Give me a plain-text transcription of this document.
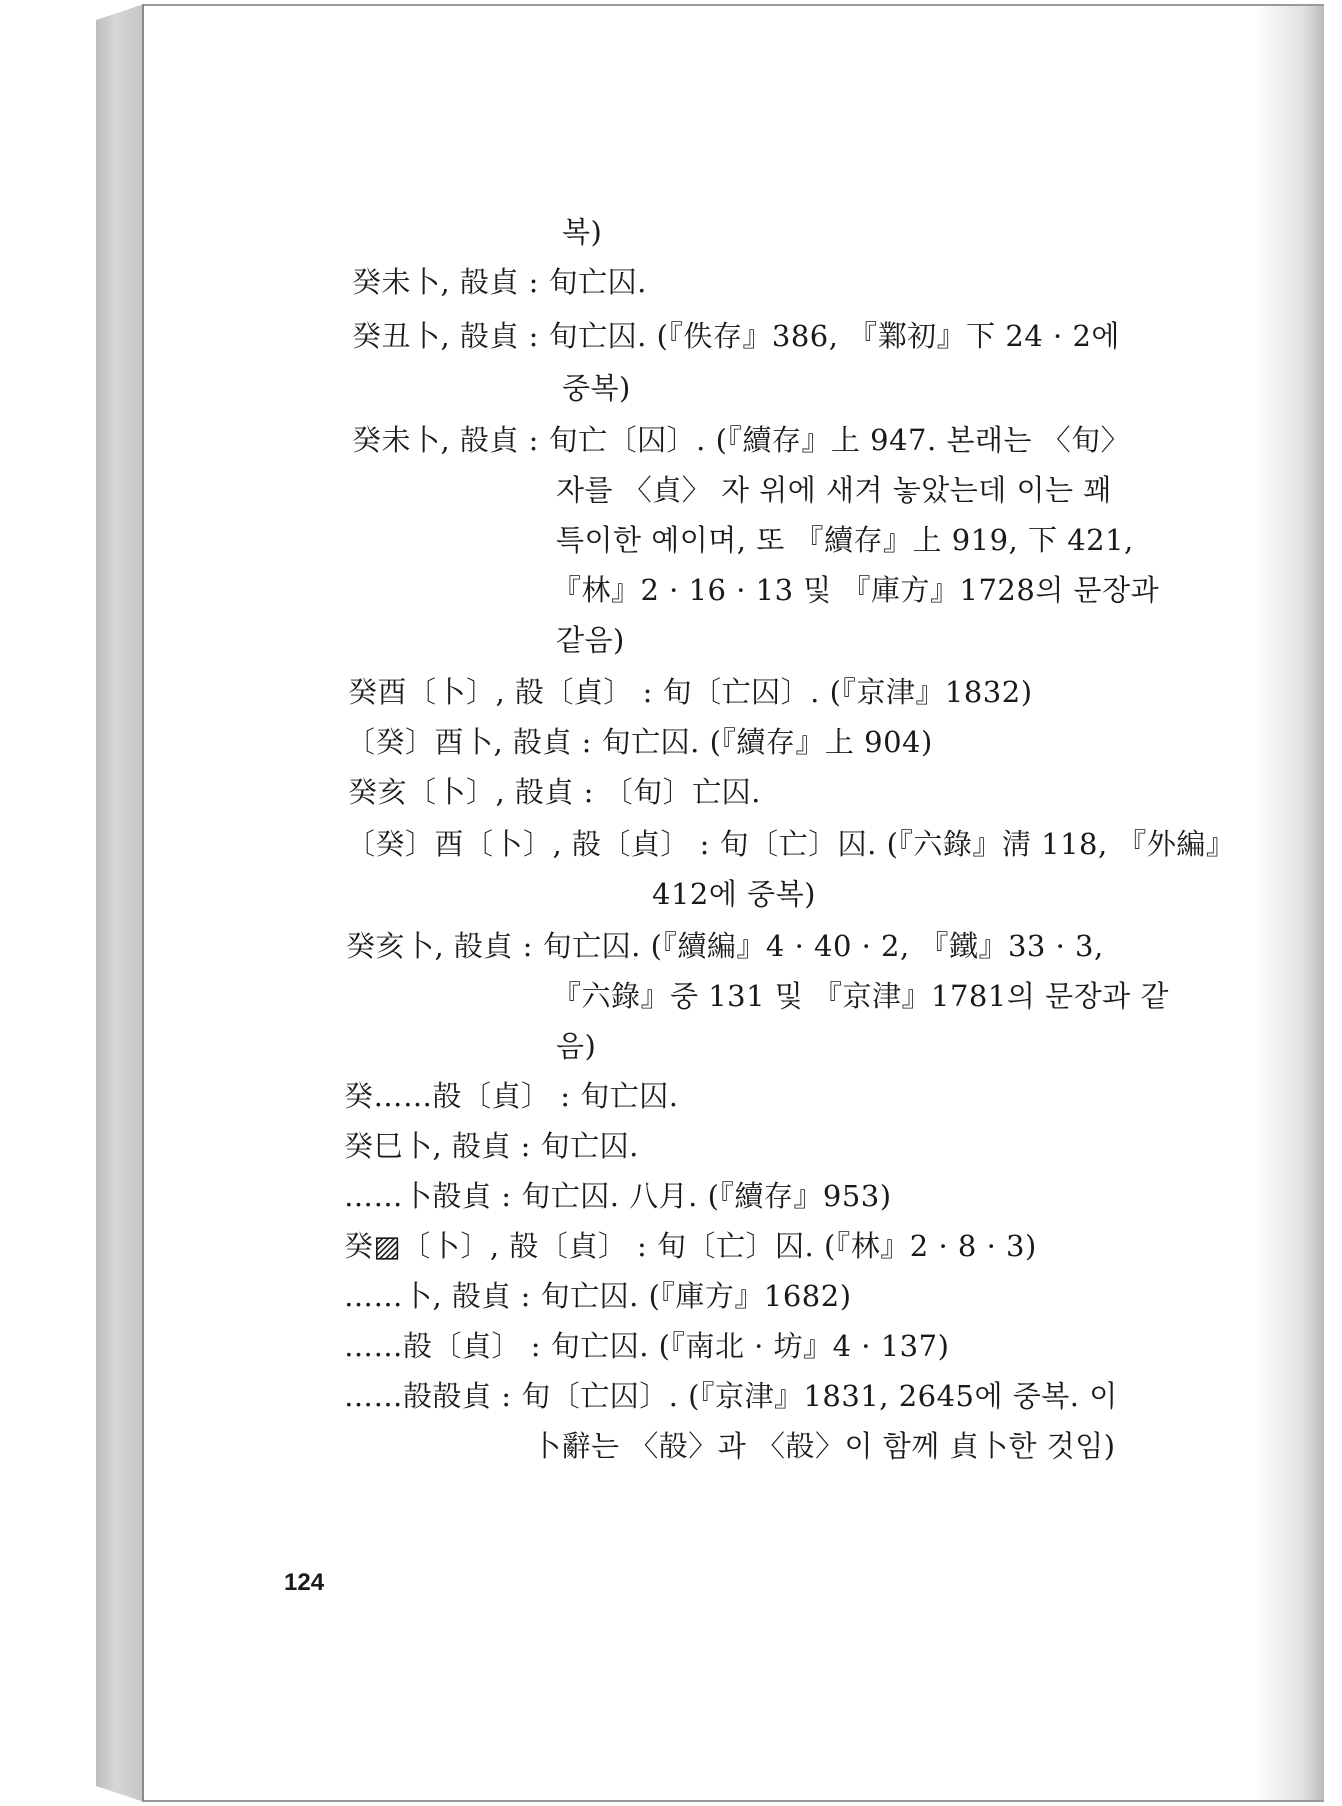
복)
癸未卜, 㱿貞 : 旬亡囚.
癸丑卜, 㱿貞 : 旬亡囚. (『佚存』386, 『鄴初』下 24 · 2에
중복)
癸未卜, 㱿貞 : 旬亡〔囚〕. (『續存』上 947. 본래는 〈旬〉
자를 〈貞〉 자 위에 새겨 놓았는데 이는 꽤
특이한 예이며, 또 『續存』上 919, 下 421,
『林』2 · 16 · 13 및 『庫方』1728의 문장과
같음)
癸酉〔卜〕, 㱿〔貞〕 : 旬〔亡囚〕. (『京津』1832)
〔癸〕酉卜, 㱿貞 : 旬亡囚. (『續存』上 904)
癸亥〔卜〕, 㱿貞 : 〔旬〕亡囚.
〔癸〕酉〔卜〕, 㱿〔貞〕 : 旬〔亡〕囚. (『六錄』淸 118, 『外編』
412에 중복)
癸亥卜, 㱿貞 : 旬亡囚. (『續編』4 · 40 · 2, 『鐵』33 · 3,
『六錄』중 131 및 『京津』1781의 문장과 같
음)
癸……㱿〔貞〕 : 旬亡囚.
癸巳卜, 㱿貞 : 旬亡囚.
……卜㱿貞 : 旬亡囚. 八月. (『續存』953)
癸▨〔卜〕, 㱿〔貞〕 : 旬〔亡〕囚. (『林』2 · 8 · 3)
……卜, 㱿貞 : 旬亡囚. (『庫方』1682)
……㱿〔貞〕 : 旬亡囚. (『南北 · 坊』4 · 137)
……㱿㱿貞 : 旬〔亡囚〕. (『京津』1831, 2645에 중복. 이
卜辭는 〈㱿〉과 〈㱿〉이 함께 貞卜한 것임)
124
